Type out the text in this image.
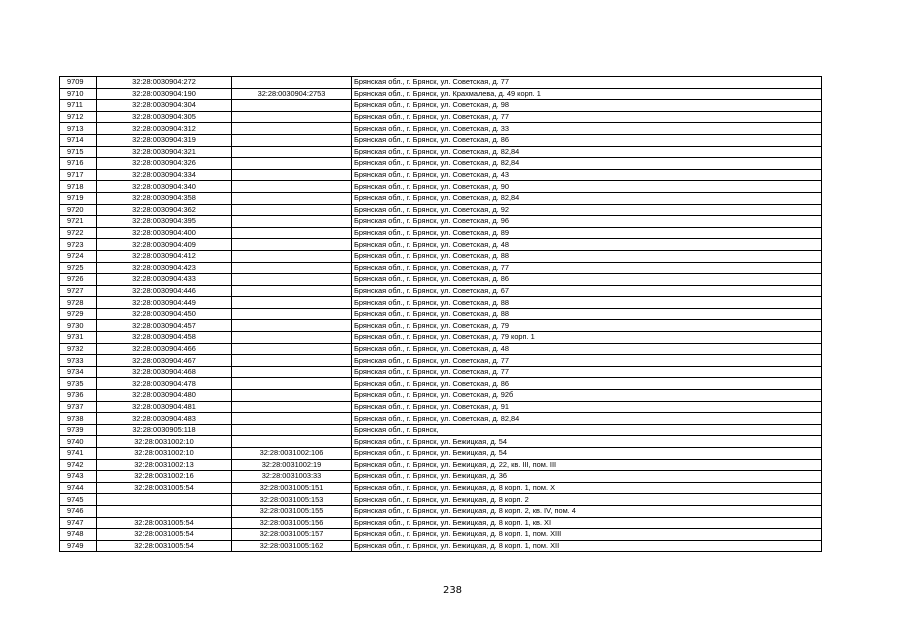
9709	32:28:0030904:272		Брянская обл., г. Брянск, ул. Советская, д. 77
9710	32:28:0030904:190	32:28:0030904:2753	Брянская обл., г. Брянск, ул. Крахмалева, д. 49 корп. 1
9711	32:28:0030904:304		Брянская обл., г. Брянск, ул. Советская, д. 98
9712	32:28:0030904:305		Брянская обл., г. Брянск, ул. Советская, д. 77
9713	32:28:0030904:312		Брянская обл., г. Брянск, ул. Советская, д. 33
9714	32:28:0030904:319		Брянская обл., г. Брянск, ул. Советская, д. 86
9715	32:28:0030904:321		Брянская обл., г. Брянск, ул. Советская, д. 82,84
9716	32:28:0030904:326		Брянская обл., г. Брянск, ул. Советская, д. 82,84
9717	32:28:0030904:334		Брянская обл., г. Брянск, ул. Советская, д. 43
9718	32:28:0030904:340		Брянская обл., г. Брянск, ул. Советская, д. 90
9719	32:28:0030904:358		Брянская обл., г. Брянск, ул. Советская, д. 82,84
9720	32:28:0030904:362		Брянская обл., г. Брянск, ул. Советская, д. 92
9721	32:28:0030904:395		Брянская обл., г. Брянск, ул. Советская, д. 96
9722	32:28:0030904:400		Брянская обл., г. Брянск, ул. Советская, д. 89
9723	32:28:0030904:409		Брянская обл., г. Брянск, ул. Советская, д. 48
9724	32:28:0030904:412		Брянская обл., г. Брянск, ул. Советская, д. 88
9725	32:28:0030904:423		Брянская обл., г. Брянск, ул. Советская, д. 77
9726	32:28:0030904:433		Брянская обл., г. Брянск, ул. Советская, д. 86
9727	32:28:0030904:446		Брянская обл., г. Брянск, ул. Советская, д. 67
9728	32:28:0030904:449		Брянская обл., г. Брянск, ул. Советская, д. 88
9729	32:28:0030904:450		Брянская обл., г. Брянск, ул. Советская, д. 88
9730	32:28:0030904:457		Брянская обл., г. Брянск, ул. Советская, д. 79
9731	32:28:0030904:458		Брянская обл., г. Брянск, ул. Советская, д. 79 корп. 1
9732	32:28:0030904:466		Брянская обл., г. Брянск, ул. Советская, д. 48
9733	32:28:0030904:467		Брянская обл., г. Брянск, ул. Советская, д. 77
9734	32:28:0030904:468		Брянская обл., г. Брянск, ул. Советская, д. 77
9735	32:28:0030904:478		Брянская обл., г. Брянск, ул. Советская, д. 86
9736	32:28:0030904:480		Брянская обл., г. Брянск, ул. Советская, д. 92б
9737	32:28:0030904:481		Брянская обл., г. Брянск, ул. Советская, д. 91
9738	32:28:0030904:483		Брянская обл., г. Брянск, ул. Советская, д. 82,84
9739	32:28:0030905:118		Брянская обл., г. Брянск,
9740	32:28:0031002:10		Брянская обл., г. Брянск, ул. Бежицкая, д. 54
9741	32:28:0031002:10	32:28:0031002:106	Брянская обл., г. Брянск, ул. Бежицкая, д. 54
9742	32:28:0031002:13	32:28:0031002:19	Брянская обл., г. Брянск, ул. Бежицкая, д. 22, кв. III, пом. III
9743	32:28:0031002:16	32:28:0031003:33	Брянская обл., г. Брянск, ул. Бежицкая, д. 36
9744	32:28:0031005:54	32:28:0031005:151	Брянская обл., г. Брянск, ул. Бежицкая, д. 8 корп. 1, пом. X
9745		32:28:0031005:153	Брянская обл., г. Брянск, ул. Бежицкая, д. 8 корп. 2
9746		32:28:0031005:155	Брянская обл., г. Брянск, ул. Бежицкая, д. 8 корп. 2, кв. IV, пом. 4
9747	32:28:0031005:54	32:28:0031005:156	Брянская обл., г. Брянск, ул. Бежицкая, д. 8 корп. 1, кв. XI
9748	32:28:0031005:54	32:28:0031005:157	Брянская обл., г. Брянск, ул. Бежицкая, д. 8 корп. 1, пом. XIII
9749	32:28:0031005:54	32:28:0031005:162	Брянская обл., г. Брянск, ул. Бежицкая, д. 8 корп. 1, пом. XII
238
